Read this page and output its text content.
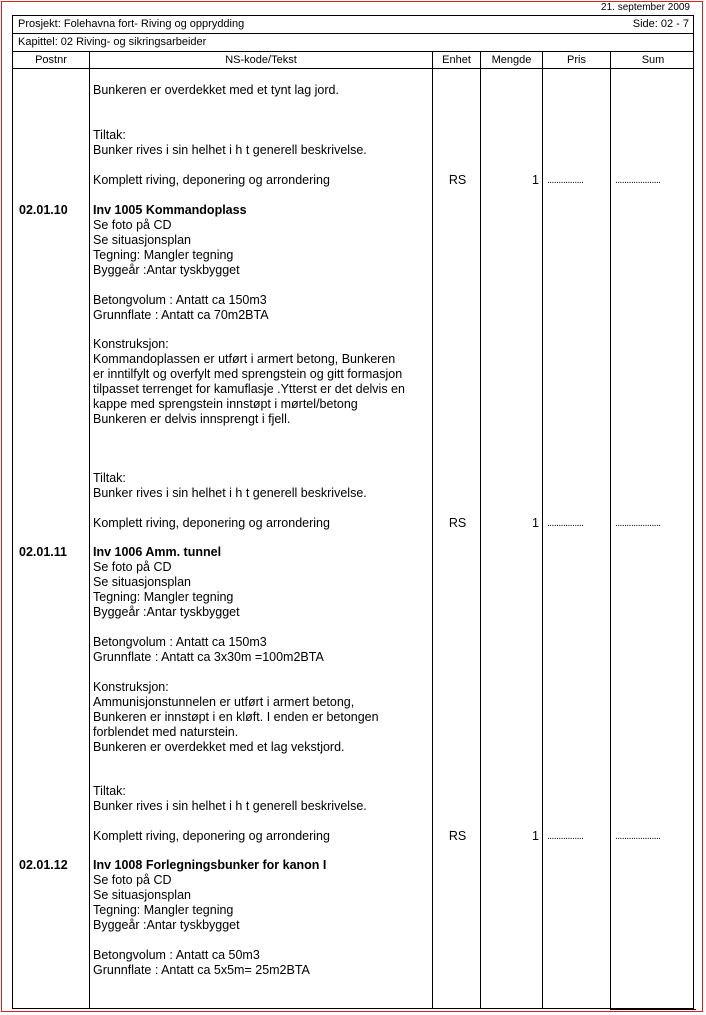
21. september 2009
Prosjekt: Folehavna fort- Riving og opprydding	Side: 02 - 7
Kapittel: 02 Riving- og sikringsarbeider
Postnr	NS-kode/Tekst	Enhet	Mengde	Pris	Sum
Bunkeren er overdekket med et tynt lag jord.
Tiltak:
Bunker rives i sin helhet i h t generell beskrivelse.
Komplett riving, deponering og arrondering	RS	1 ................	....................
02.01.10 Inv 1005 Kommandoplass
Se foto på CD
Se situasjonsplan
Tegning: Mangler tegning
Byggeår :Antar tyskbygget
Betongvolum : Antatt ca 150m3
Grunnflate : Antatt ca 70m2BTA
Konstruksjon:
Kommandoplassen er utført i armert betong, Bunkeren
er inntilfylt og overfylt med sprengstein og gitt formasjon
tilpasset terrenget for kamuflasje .Ytterst er det delvis en
kappe med sprengstein innstøpt i mørtel/betong
Bunkeren er delvis innsprengt i fjell.
Tiltak:
Bunker rives i sin helhet i h t generell beskrivelse.
Komplett riving, deponering og arrondering	RS	1 ................	....................
02.01.11 Inv 1006 Amm. tunnel
Se foto på CD
Se situasjonsplan
Tegning: Mangler tegning
Byggeår :Antar tyskbygget
Betongvolum : Antatt ca 150m3
Grunnflate : Antatt ca 3x30m =100m2BTA
Konstruksjon:
Ammunisjonstunnelen er utført i armert betong,
Bunkeren er innstøpt i en kløft. I enden er betongen
forblendet med naturstein.
Bunkeren er overdekket med et lag vekstjord.
Tiltak:
Bunker rives i sin helhet i h t generell beskrivelse.
Komplett riving, deponering og arrondering	RS	1 ................	....................
02.01.12 Inv 1008 Forlegningsbunker for kanon I
Se foto på CD
Se situasjonsplan
Tegning: Mangler tegning
Byggeår :Antar tyskbygget
Betongvolum : Antatt ca 50m3
Grunnflate : Antatt ca 5x5m= 25m2BTA
